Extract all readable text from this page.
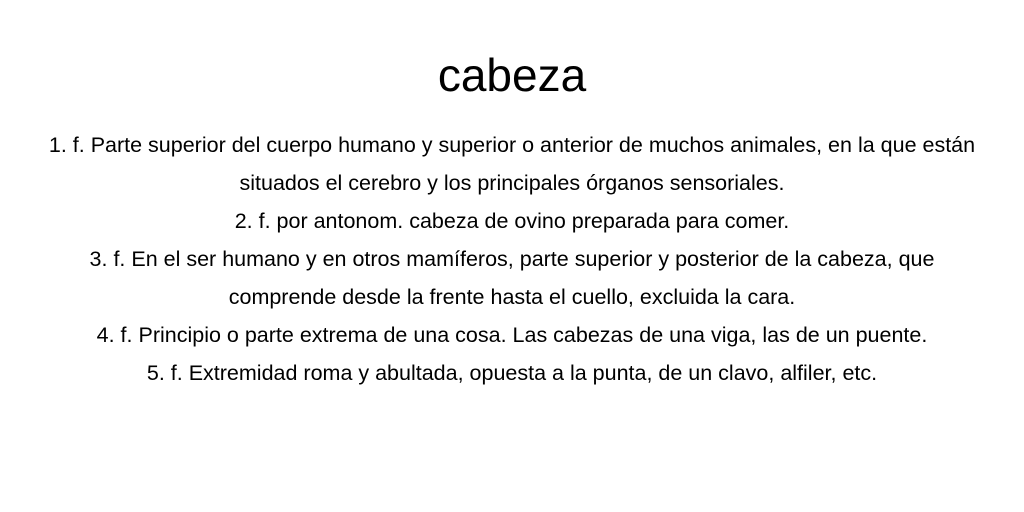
cabeza
1. f. Parte superior del cuerpo humano y superior o anterior de muchos animales, en la que están situados el cerebro y los principales órganos sensoriales.
2. f. por antonom. cabeza de ovino preparada para comer.
3. f. En el ser humano y en otros mamíferos, parte superior y posterior de la cabeza, que comprende desde la frente hasta el cuello, excluida la cara.
4. f. Principio o parte extrema de una cosa. Las cabezas de una viga, las de un puente.
5. f. Extremidad roma y abultada, opuesta a la punta, de un clavo, alfiler, etc.
